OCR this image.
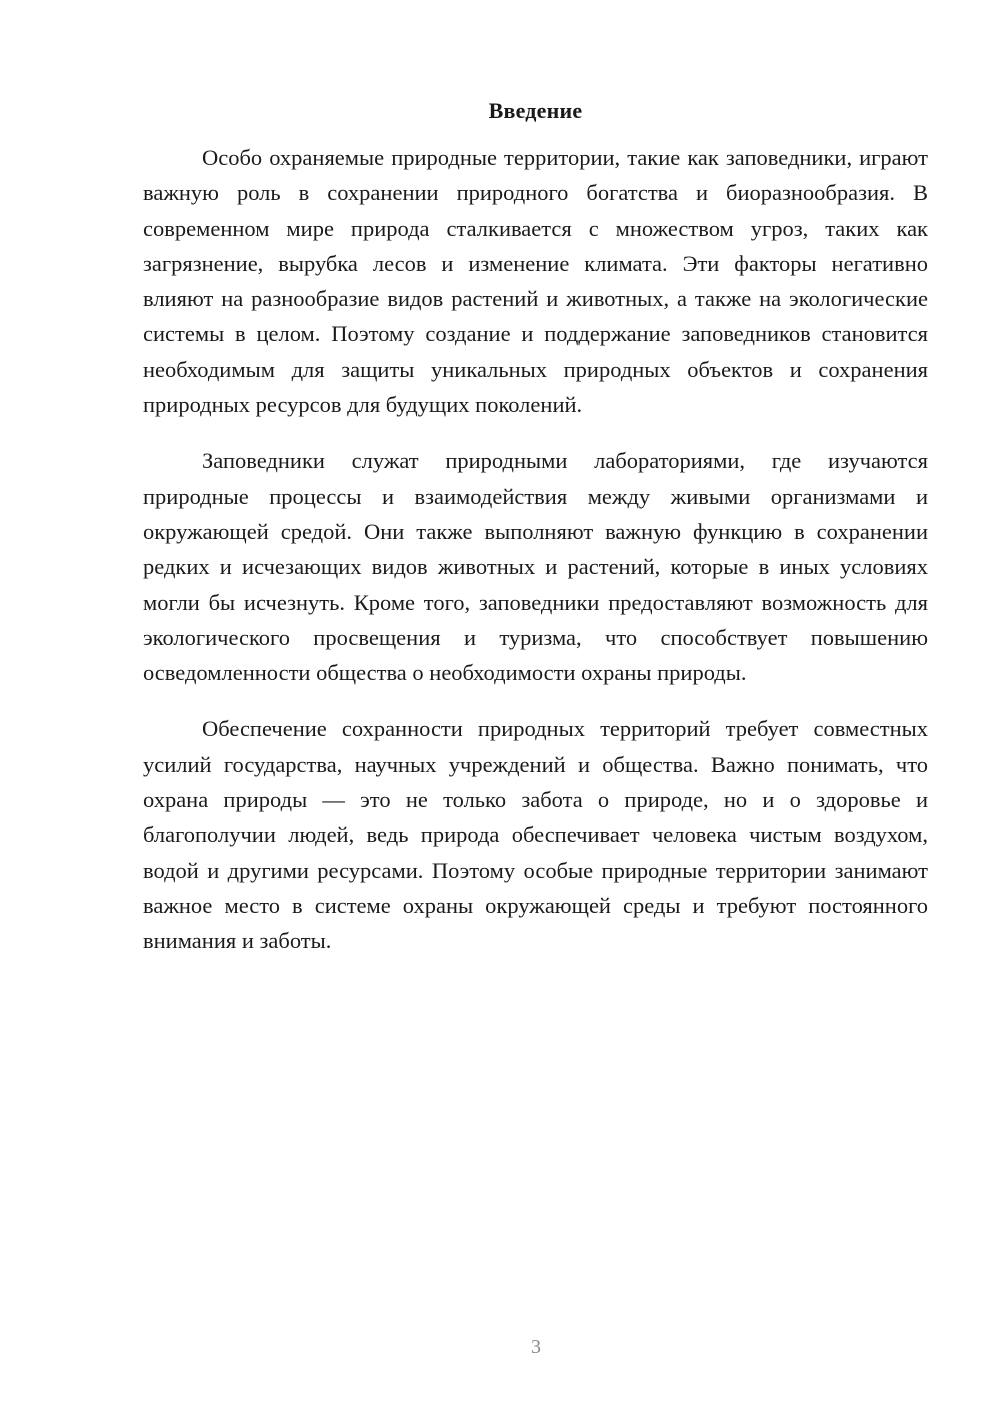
Введение

Особо охраняемые природные территории, такие как заповедники, играют важную роль в сохранении природного богатства и биоразнообразия. В современном мире природа сталкивается с множеством угроз, таких как загрязнение, вырубка лесов и изменение климата. Эти факторы негативно влияют на разнообразие видов растений и животных, а также на экологические системы в целом. Поэтому создание и поддержание заповедников становится необходимым для защиты уникальных природных объектов и сохранения природных ресурсов для будущих поколений.

Заповедники служат природными лабораториями, где изучаются природные процессы и взаимодействия между живыми организмами и окружающей средой. Они также выполняют важную функцию в сохранении редких и исчезающих видов животных и растений, которые в иных условиях могли бы исчезнуть. Кроме того, заповедники предоставляют возможность для экологического просвещения и туризма, что способствует повышению осведомленности общества о необходимости охраны природы.

Обеспечение сохранности природных территорий требует совместных усилий государства, научных учреждений и общества. Важно понимать, что охрана природы — это не только забота о природе, но и о здоровье и благополучии людей, ведь природа обеспечивает человека чистым воздухом, водой и другими ресурсами. Поэтому особые природные территории занимают важное место в системе охраны окружающей среды и требуют постоянного внимания и заботы.

3
